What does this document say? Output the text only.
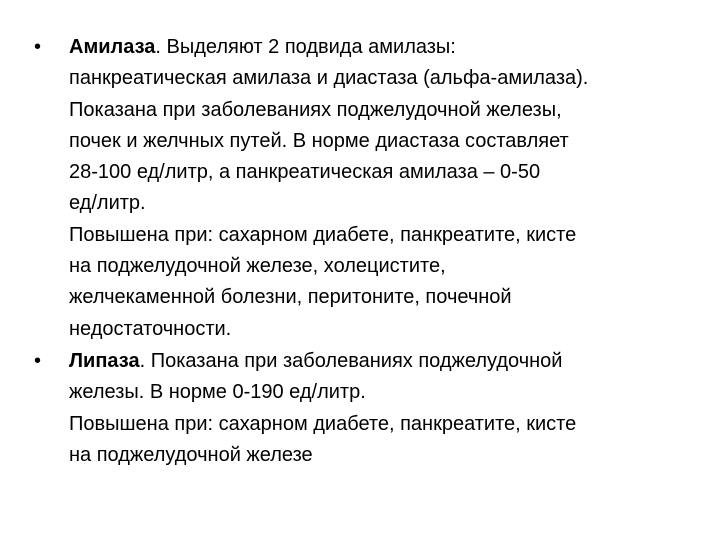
•	Амилаза. Выделяют 2 подвида амилазы:
панкреатическая амилаза и диастаза (альфа-амилаза).
Показана при заболеваниях поджелудочной железы,
почек и желчных путей. В норме диастаза составляет
28-100 ед/литр, а панкреатическая амилаза – 0-50
ед/литр.
Повышена при: сахарном диабете, панкреатите, кисте
на поджелудочной железе, холецистите,
желчекаменной болезни, перитоните, почечной
недостаточности.
•	Липаза. Показана при заболеваниях поджелудочной
железы. В норме 0-190 ед/литр.
Повышена при: сахарном диабете, панкреатите, кисте
на поджелудочной железе
